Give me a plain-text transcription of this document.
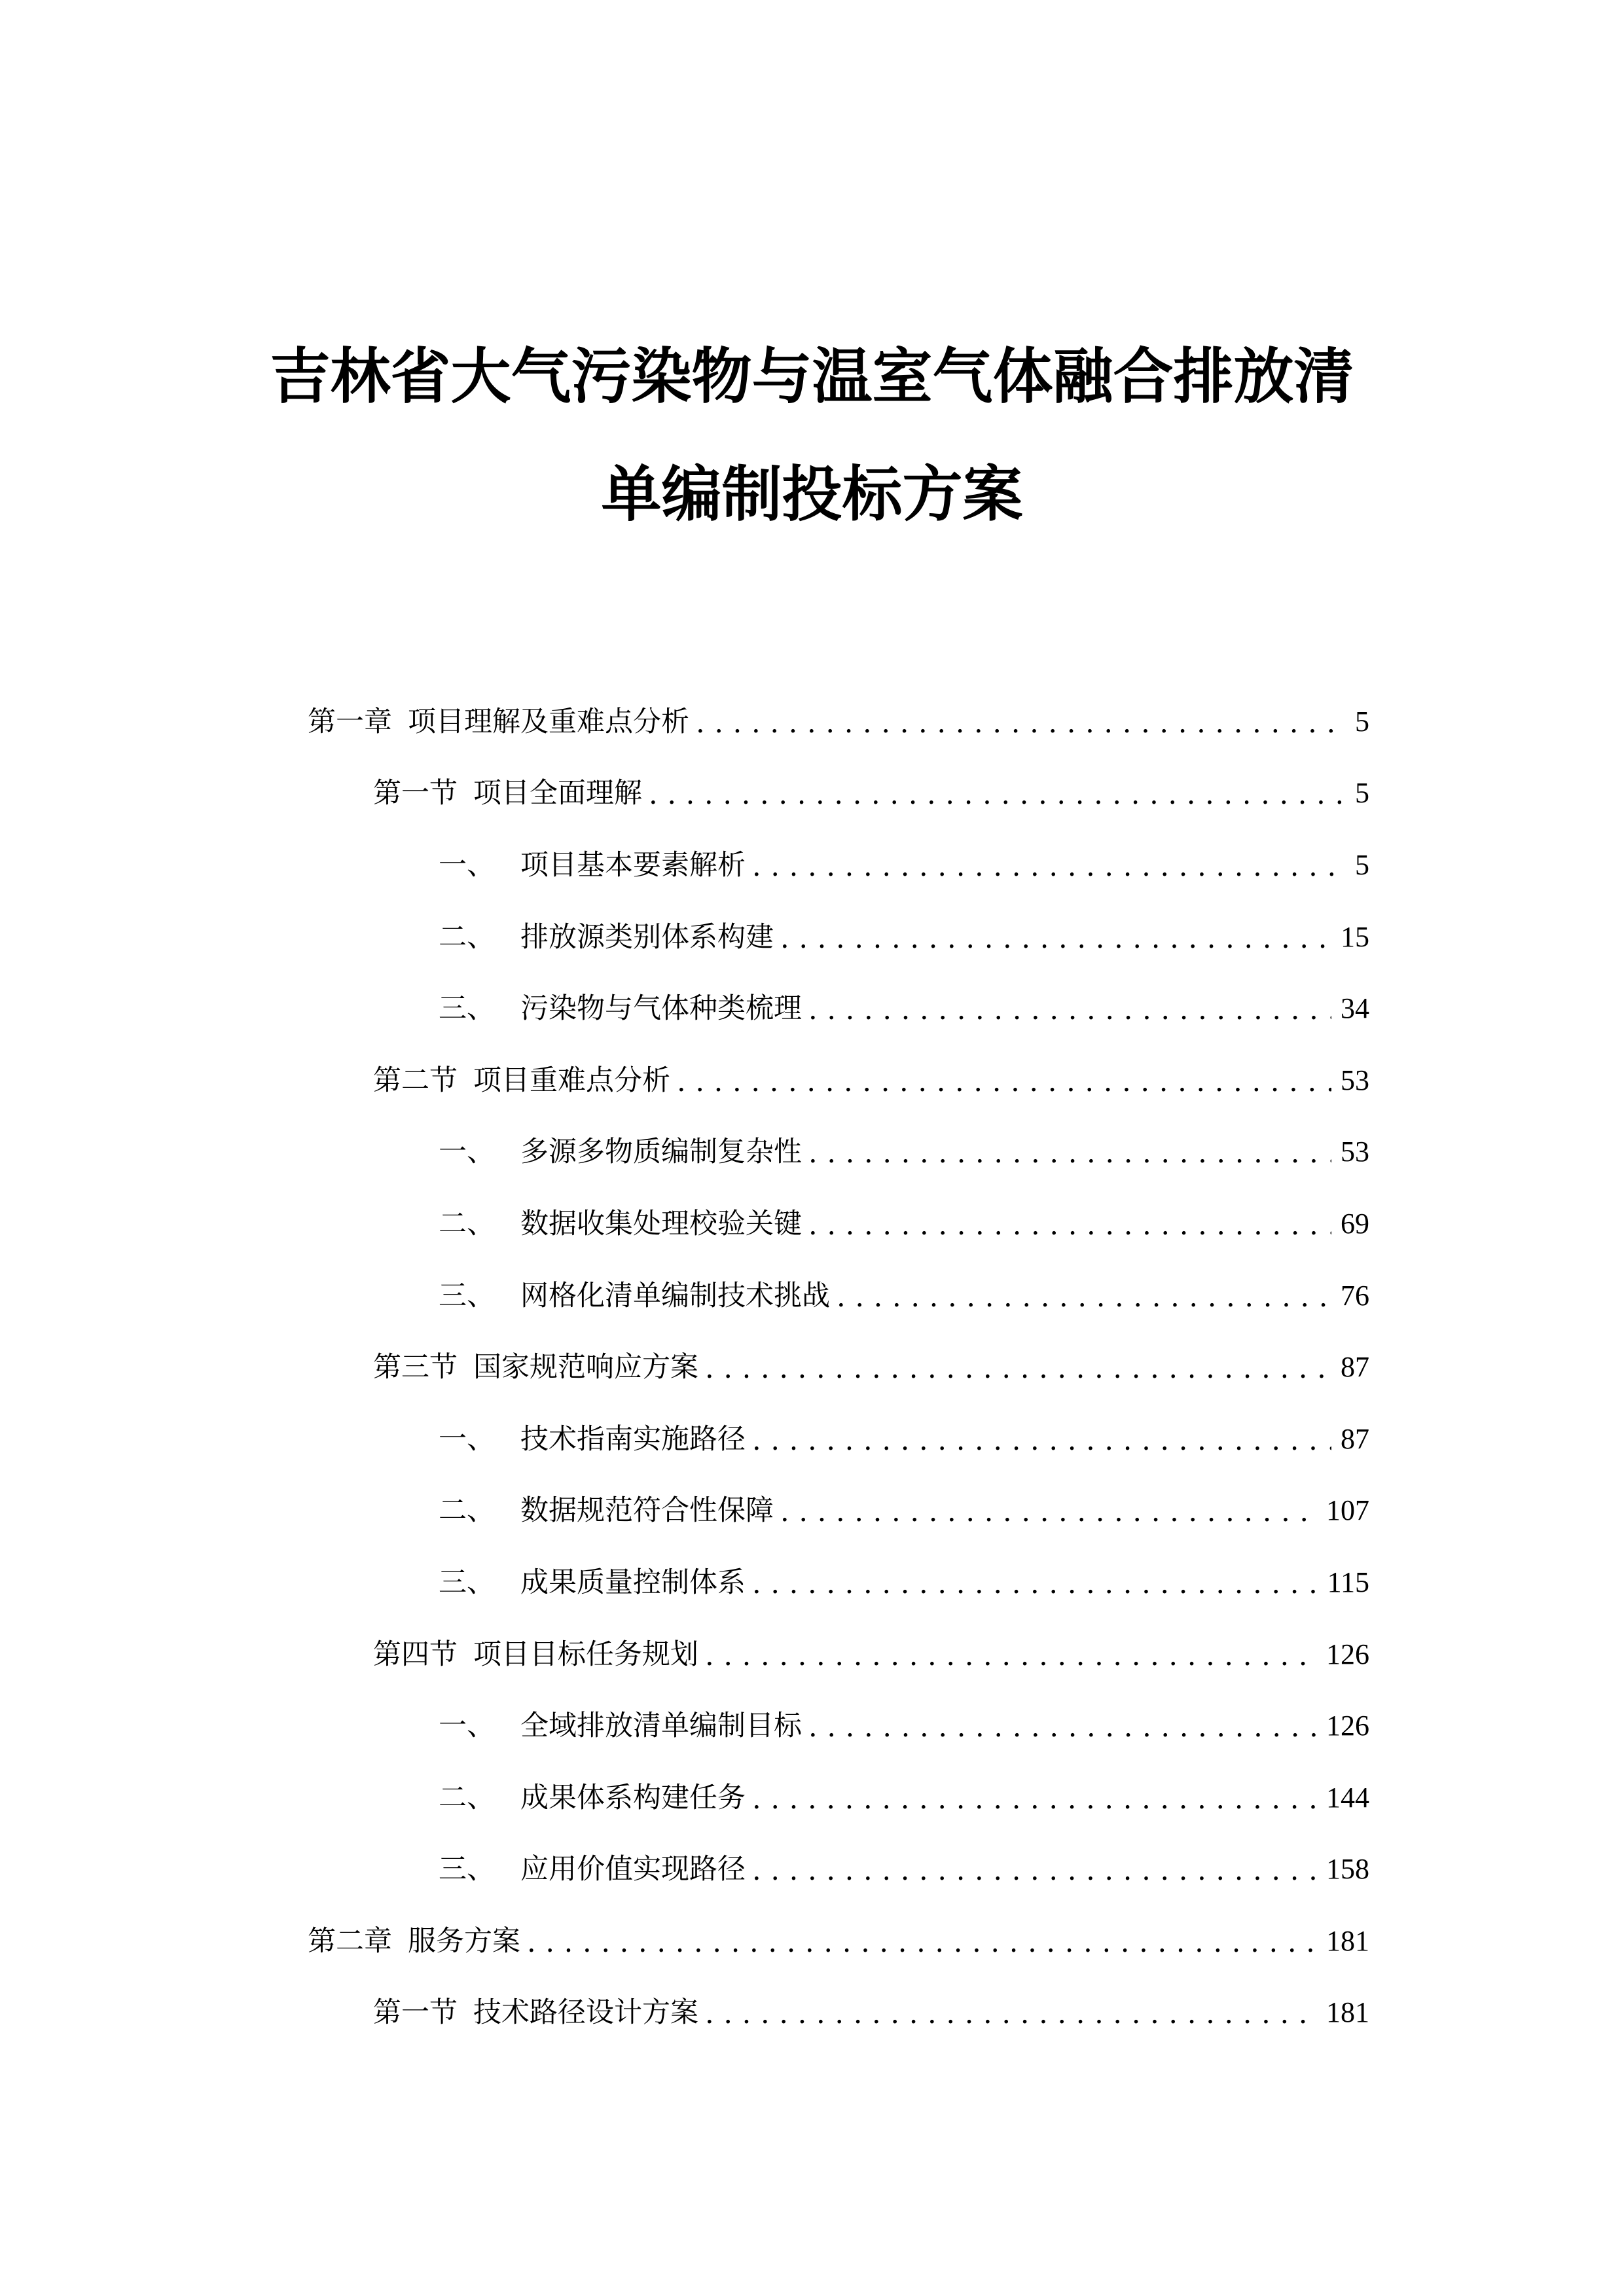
吉林省大气污染物与温室气体融合排放清
单编制投标方案
第一章 项目理解及重难点分析 . . .	5
第一节 项目全面理解 . . .	5
一、 项目基本要素解析 . . .	5
二、 排放源类别体系构建 . . .	15
三、 污染物与气体种类梳理 . . .	34
第二节 项目重难点分析 . . .	53
一、 多源多物质编制复杂性 . . .	53
二、 数据收集处理校验关键 . . .	69
三、 网格化清单编制技术挑战 . . .	76
第三节 国家规范响应方案 . . .	87
一、 技术指南实施路径 . . .	87
二、 数据规范符合性保障 . . .	107
三、 成果质量控制体系 . . .	115
第四节 项目目标任务规划 . . .	126
一、 全域排放清单编制目标 . . .	126
二、 成果体系构建任务 . . .	144
三、 应用价值实现路径 . . .	158
第二章 服务方案 . . .	181
第一节 技术路径设计方案 . . .	181
